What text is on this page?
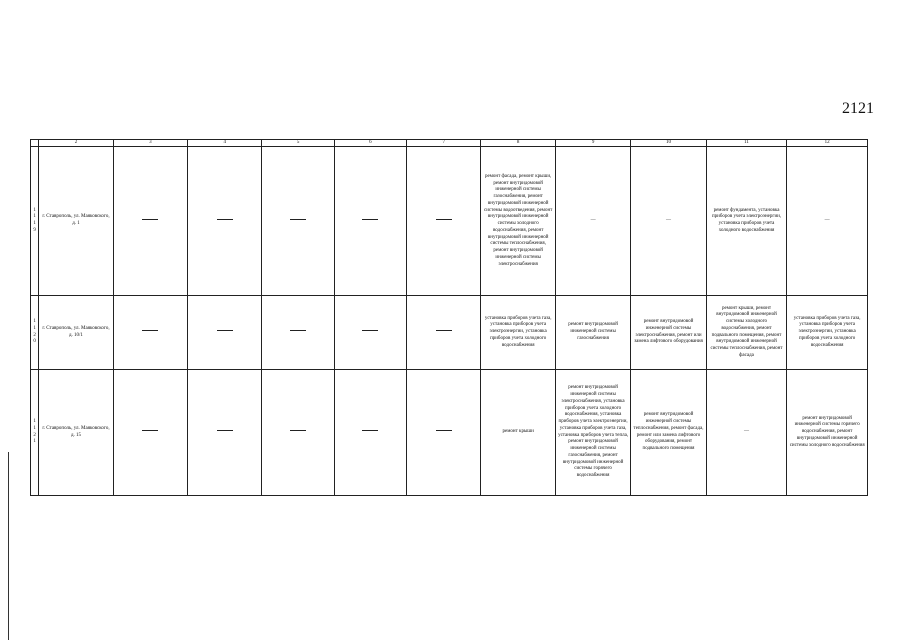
2121
	2	3	4	5	6	7	8	9	10	11	12
1119	г. Ставрополь, ул. Маяковского, д. 1						ремонт фасада, ремонт крыши, ремонт внутридомовой инженерной системы газоснабжения, ремонт внутридомовой инженерной системы водоотведения, ремонт внутридомовой инженерной системы холодного водоснабжения, ремонт внутридомовой инженерной системы теплоснабжения, ремонт внутридомовой инженерной системы электроснабжения	—	—	ремонт фундамента, установка приборов учета электроэнергии, установка приборов учета холодного водоснабжения	—
1120	г. Ставрополь, ул. Маяковского, д. 10/1						установка приборов учета газа, установка приборов учета электроэнергии, установка приборов учета холодного водоснабжения	ремонт внутридомовой инженерной системы газоснабжения	ремонт внутридомовой инженерной системы электроснабжения, ремонт или замена лифтового оборудования	ремонт крыши, ремонт внутридомовой инженерной системы холодного водоснабжения, ремонт подвального помещения, ремонт внутридомовой инженерной системы теплоснабжения, ремонт фасада	установка приборов учета газа, установка приборов учета электроэнергии, установка приборов учета холодного водоснабжения
1121	г. Ставрополь, ул. Маяковского, д. 15						ремонт крыши	ремонт внутридомовой инженерной системы электроснабжения, установка приборов учета холодного водоснабжения, установка приборов учета электроэнергии, установка приборов учета газа, установка приборов учета тепла, ремонт внутридомовой инженерной системы газоснабжения, ремонт внутридомовой инженерной системы горячего водоснабжения	ремонт внутридомовой инженерной системы теплоснабжения, ремонт фасада, ремонт или замена лифтового оборудования, ремонт подвального помещения	—	ремонт внутридомовой инженерной системы горячего водоснабжения, ремонт внутридомовой инженерной системы холодного водоснабжения
